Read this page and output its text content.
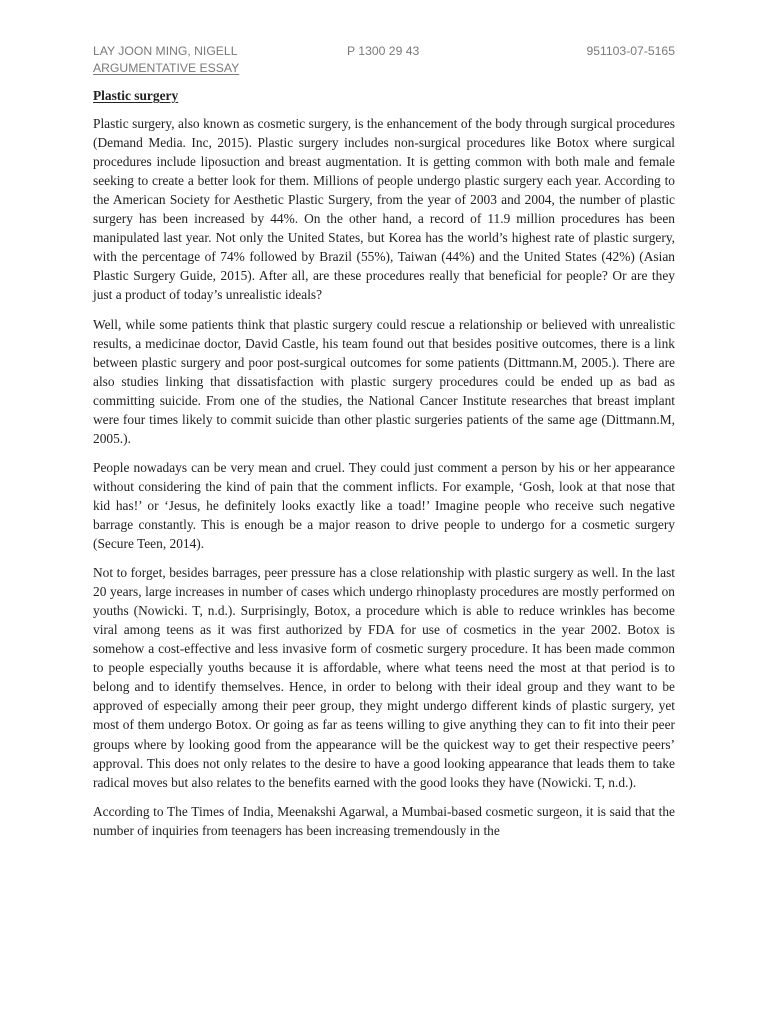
LAY JOON MING, NIGELL	P 1300 29 43	951103-07-5165
ARGUMENTATIVE ESSAY
Plastic surgery

Plastic surgery, also known as cosmetic surgery, is the enhancement of the body through surgical procedures (Demand Media. Inc, 2015). Plastic surgery includes non-surgical procedures like Botox where surgical procedures include liposuction and breast augmentation. It is getting common with both male and female seeking to create a better look for them. Millions of people undergo plastic surgery each year. According to the American Society for Aesthetic Plastic Surgery, from the year of 2003 and 2004, the number of plastic surgery has been increased by 44%. On the other hand, a record of 11.9 million procedures has been manipulated last year. Not only the United States, but Korea has the world’s highest rate of plastic surgery, with the percentage of 74% followed by Brazil (55%), Taiwan (44%) and the United States (42%) (Asian Plastic Surgery Guide, 2015). After all, are these procedures really that beneficial for people? Or are they just a product of today’s unrealistic ideals?

Well, while some patients think that plastic surgery could rescue a relationship or believed with unrealistic results, a medicinae doctor, David Castle, his team found out that besides positive outcomes, there is a link between plastic surgery and poor post-surgical outcomes for some patients (Dittmann.M, 2005.). There are also studies linking that dissatisfaction with plastic surgery procedures could be ended up as bad as committing suicide. From one of the studies, the National Cancer Institute researches that breast implant were four times likely to commit suicide than other plastic surgeries patients of the same age (Dittmann.M, 2005.).

People nowadays can be very mean and cruel. They could just comment a person by his or her appearance without considering the kind of pain that the comment inflicts. For example, ‘Gosh, look at that nose that kid has!’ or ‘Jesus, he definitely looks exactly like a toad!’ Imagine people who receive such negative barrage constantly. This is enough be a major reason to drive people to undergo for a cosmetic surgery (Secure Teen, 2014).

Not to forget, besides barrages, peer pressure has a close relationship with plastic surgery as well. In the last 20 years, large increases in number of cases which undergo rhinoplasty procedures are mostly performed on youths (Nowicki. T, n.d.). Surprisingly, Botox, a procedure which is able to reduce wrinkles has become viral among teens as it was first authorized by FDA for use of cosmetics in the year 2002. Botox is somehow a cost-effective and less invasive form of cosmetic surgery procedure. It has been made common to people especially youths because it is affordable, where what teens need the most at that period is to belong and to identify themselves. Hence, in order to belong with their ideal group and they want to be approved of especially among their peer group, they might undergo different kinds of plastic surgery, yet most of them undergo Botox. Or going as far as teens willing to give anything they can to fit into their peer groups where by looking good from the appearance will be the quickest way to get their respective peers’ approval. This does not only relates to the desire to have a good looking appearance that leads them to take radical moves but also relates to the benefits earned with the good looks they have (Nowicki. T, n.d.).

According to The Times of India, Meenakshi Agarwal, a Mumbai-based cosmetic surgeon, it is said that the number of inquiries from teenagers has been increasing tremendously in the
